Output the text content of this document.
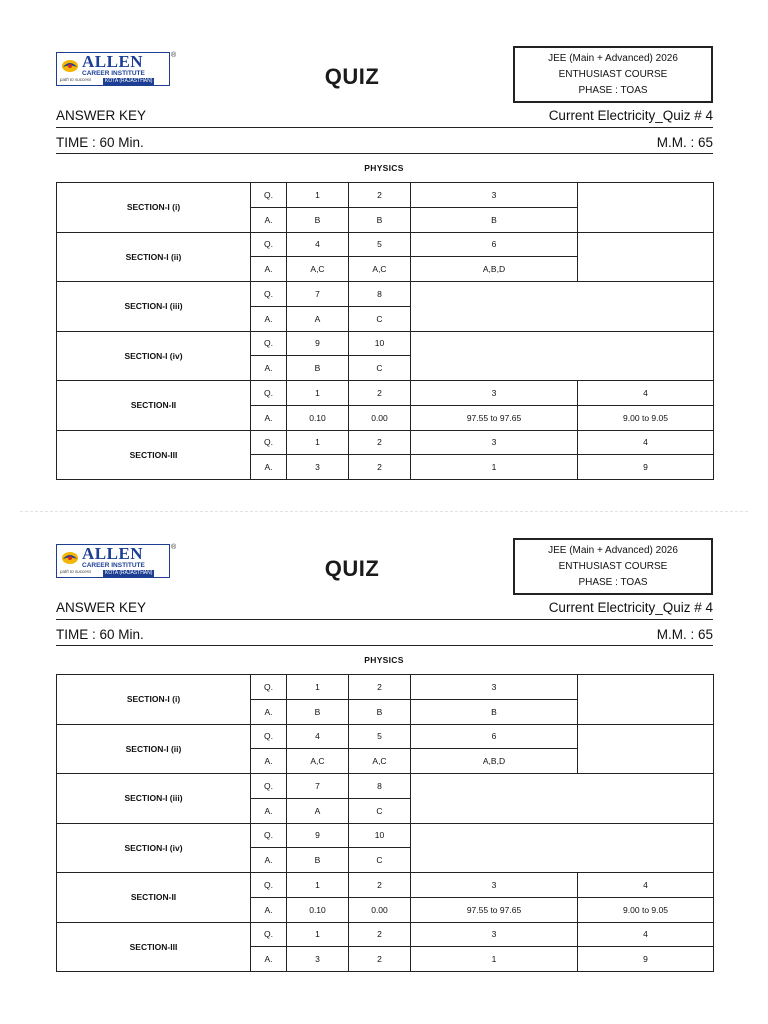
ALLEN
CAREER INSTITUTE
path to success	KOTA (RAJASTHAN)
®
QUIZ
JEE (Main + Advanced) 2026
ENTHUSIAST COURSE
PHASE : TOAS
ANSWER KEY	Current Electricity_Quiz # 4
TIME : 60 Min.	M.M. : 65
PHYSICS
SECTION-I (i)	Q.	1	2	3	
	A.	B	B	B	
SECTION-I (ii)	Q.	4	5	6	
	A.	A,C	A,C	A,B,D	
SECTION-I (iii)	Q.	7	8		
	A.	A	C		
SECTION-I (iv)	Q.	9	10		
	A.	B	C		
SECTION-II	Q.	1	2	3	4
	A.	0.10	0.00	97.55 to 97.65	9.00 to 9.05
SECTION-III	Q.	1	2	3	4
	A.	3	2	1	9
ALLEN
CAREER INSTITUTE
path to success	KOTA (RAJASTHAN)
®
QUIZ
JEE (Main + Advanced) 2026
ENTHUSIAST COURSE
PHASE : TOAS
ANSWER KEY	Current Electricity_Quiz # 4
TIME : 60 Min.	M.M. : 65
PHYSICS
SECTION-I (i)	Q.	1	2	3	
	A.	B	B	B	
SECTION-I (ii)	Q.	4	5	6	
	A.	A,C	A,C	A,B,D	
SECTION-I (iii)	Q.	7	8		
	A.	A	C		
SECTION-I (iv)	Q.	9	10		
	A.	B	C		
SECTION-II	Q.	1	2	3	4
	A.	0.10	0.00	97.55 to 97.65	9.00 to 9.05
SECTION-III	Q.	1	2	3	4
	A.	3	2	1	9
